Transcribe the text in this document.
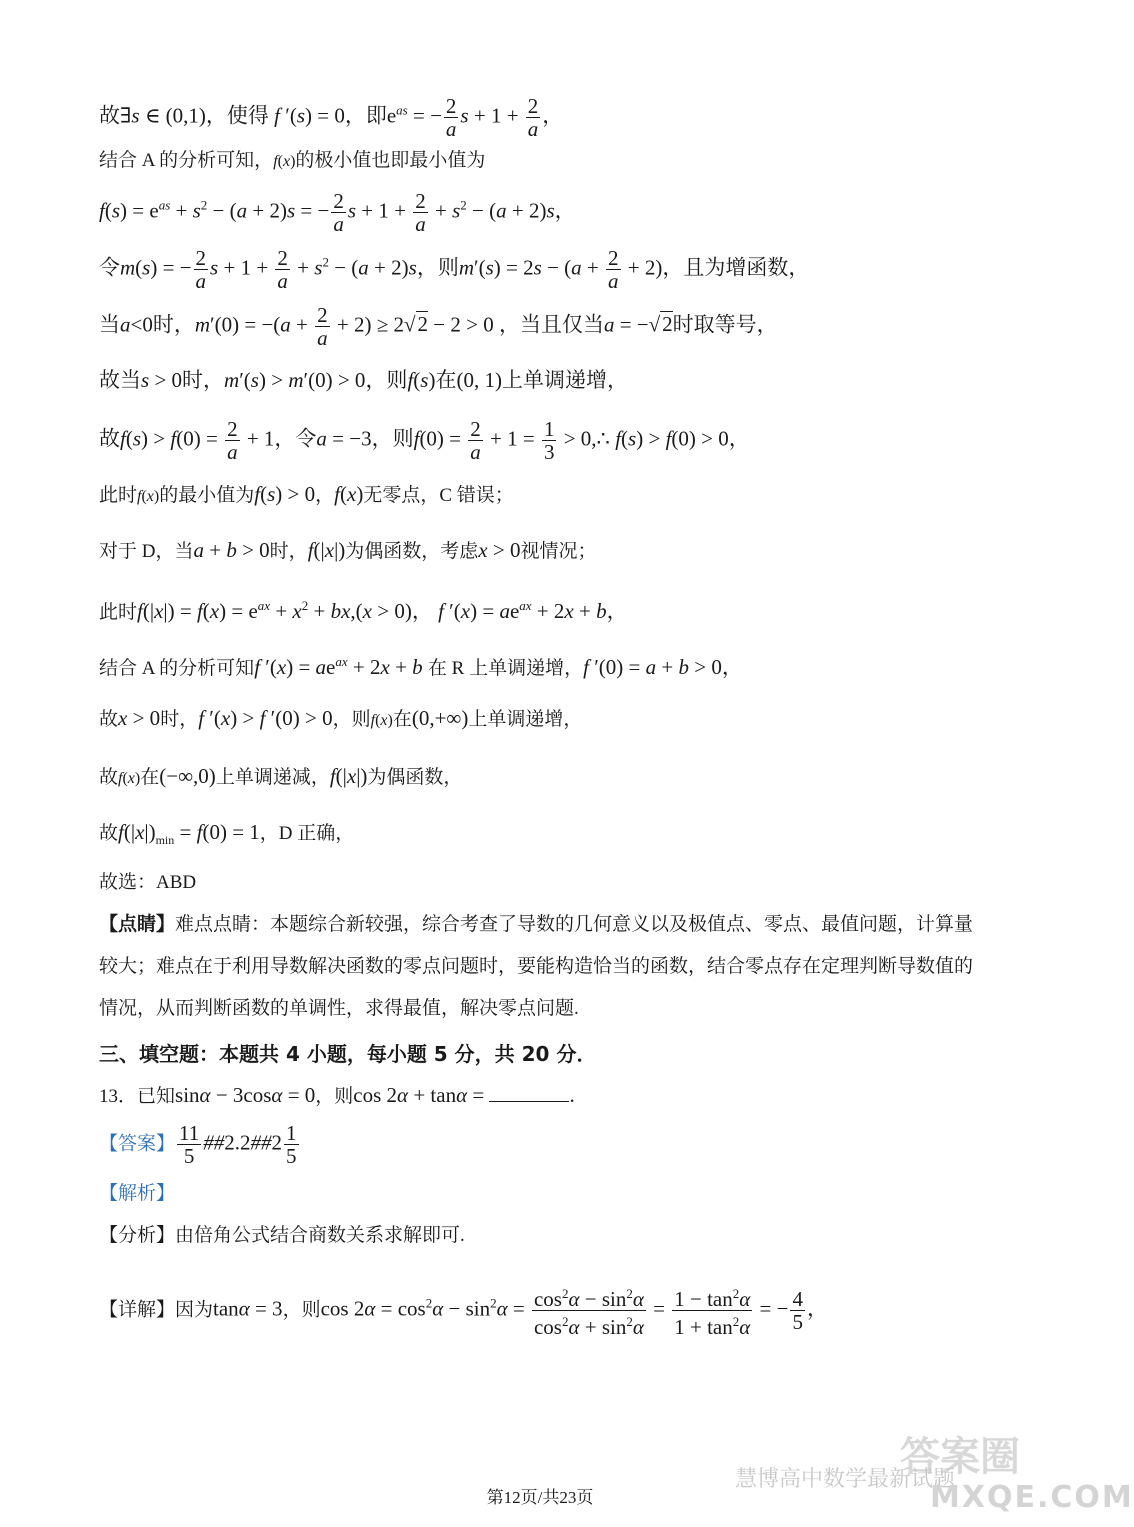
故∃s ∈ (0,1)，使得 f ′(s) = 0，即$e^{as}$ = − $\frac{2}{a}$ $s + 1 + \frac{2}{a}$ ，
结合 A 的分析可知，f(x)的极小值也即最小值为
$f(s) = e^{as} + s^2 - (a + 2)s$ = − $\frac{2}{a}$ $s + 1 + \frac{2}{a} + s^2 - (a + 2)s$，
令m(s) = − $\frac{2}{a}$ $s + 1 + \frac{2}{a} + s^2 - (a + 2)s$，则$m'(s) = 2s - (a + \frac{2}{a} + 2)$，且为增函数，
当a<0时，$m'(0) = -(a + \frac{2}{a} + 2) \ge 2√2 - 2 > 0$ ，当且仅当a = −√2时取等号，
故当s > 0时，m′(s) > m′(0) > 0，则f(s)在(0, 1)上单调递增，
故$f(s) > f(0) = \frac{2}{a} + 1$，令a = −3，则$f(0) = \frac{2}{a} + 1 = \frac{1}{3}$ > 0,∴ f(s) > f(0) > 0，
此时f(x)的最小值为f(s) > 0，f(x)无零点，C 错误；
对于 D，当a + b > 0时，f(|x|)为偶函数，考虑x > 0视情况；
此时$f(|x|) = f(x) = e^{ax} + x^2 + bx,(x > 0)$， f $'(x) = ae^{ax} + 2x + b$，
结合 A 的分析可知f $'(x) = ae^{ax} + 2x + b$ 在 R 上单调递增，f ′(0) = a + b > 0，
故x > 0时，f ′(x) > f ′(0) > 0，则f(x)在(0,+∞)上单调递增，
故f(x)在(−∞,0)上单调递减，f(|x|)为偶函数，
故$f(|x|)_{min} = f(0) = 1$，D 正确，
故选：ABD
【点睛】难点点睛：本题综合新较强，综合考查了导数的几何意义以及极值点、零点、最值问题，计算量较大；难点在于利用导数解决函数的零点问题时，要能构造恰当的函数，结合零点存在定理判断导数值的情况，从而判断函数的单调性，求得最值，解决零点问题.
三、填空题：本题共 4 小题，每小题 5 分，共 20 分．
13．已知sinα − 3cosα = 0，则cos 2α + tanα =	.
【答案】 $\frac{11}{5}$ ##2.2##2 $\frac{1}{5}$
【解析】
【分析】由倍角公式结合商数关系求解即可.
【详解】因为tanα = 3，则$\cos 2\alpha = \cos^2\alpha - \sin^2\alpha = \frac{\cos^2\alpha - \sin^2\alpha}{\cos^2\alpha + \sin^2\alpha} = \frac{1 - \tan^2\alpha}{1 + \tan^2\alpha}$ = − $\frac{4}{5}$ ，
答案圈
慧博高中数学最新试题
MXQE.COM
第12页/共23页
